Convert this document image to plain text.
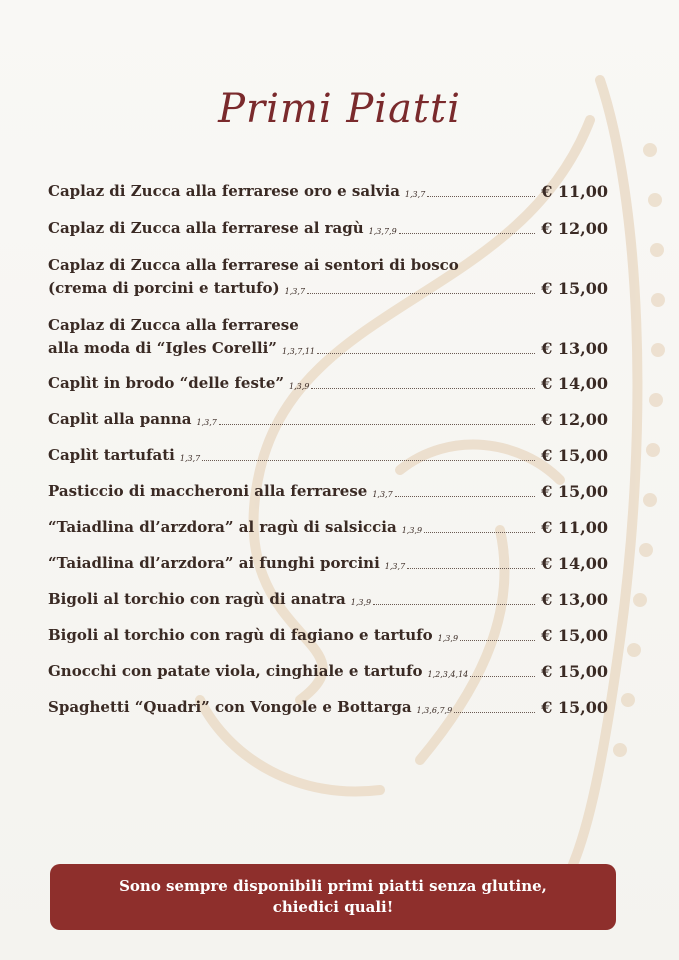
Primi Piatti
Caplaz di Zucca alla ferrarese oro e salvia 1,3,7	€ 11,00
Caplaz di Zucca alla ferrarese al ragù 1,3,7,9	€ 12,00
Caplaz di Zucca alla ferrarese ai sentori di bosco
(crema di porcini e tartufo) 1,3,7	€ 15,00
Caplaz di Zucca alla ferrarese
alla moda di “Igles Corelli” 1,3,7,11	€ 13,00
Caplìt in brodo “delle feste” 1,3,9	€ 14,00
Caplìt alla panna 1,3,7	€ 12,00
Caplìt tartufati 1,3,7	€ 15,00
Pasticcio di maccheroni alla ferrarese 1,3,7	€ 15,00
“Taiadlina dl’arzdora” al ragù di salsiccia 1,3,9	€ 11,00
“Taiadlina dl’arzdora” ai funghi porcini 1,3,7	€ 14,00
Bigoli al torchio con ragù di anatra 1,3,9	€ 13,00
Bigoli al torchio con ragù di fagiano e tartufo 1,3,9	€ 15,00
Gnocchi con patate viola, cinghiale e tartufo 1,2,3,4,14	€ 15,00
Spaghetti “Quadri” con Vongole e Bottarga 1,3,6,7,9	€ 15,00
Sono sempre disponibili primi piatti senza glutine,
chiedici quali!
